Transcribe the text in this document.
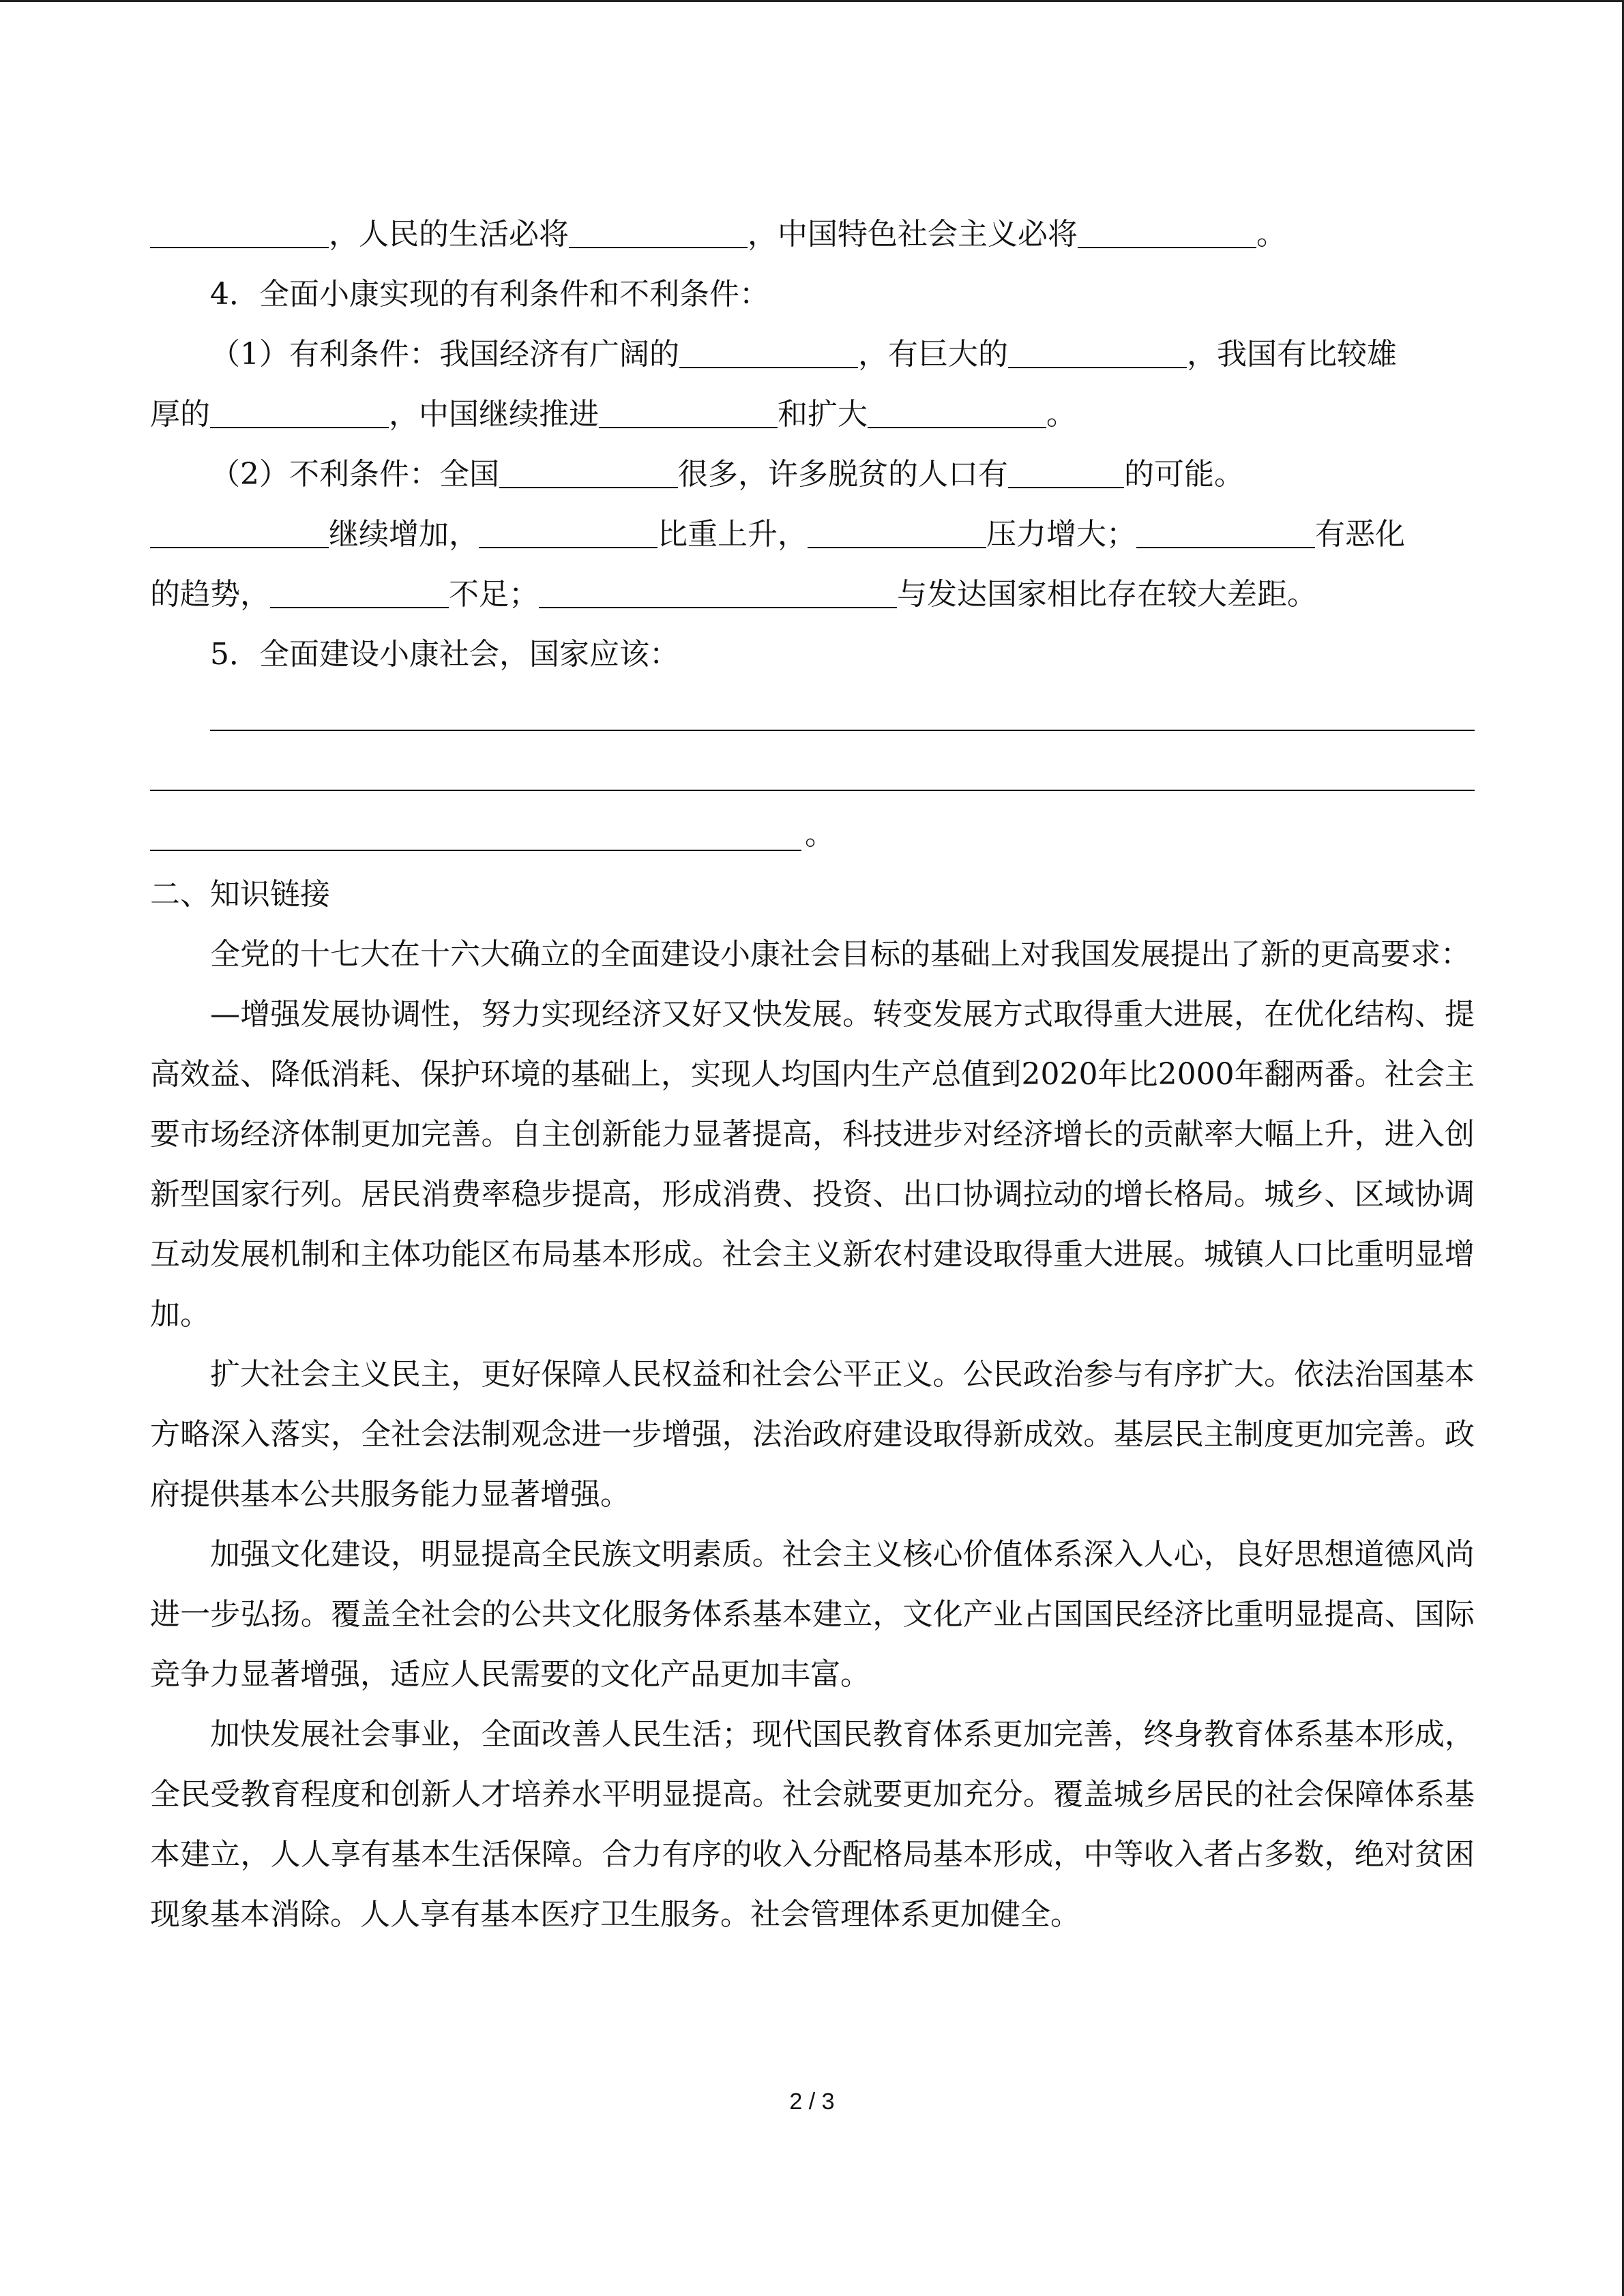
，人民的生活必将	，中国特色社会主义必将	。
4．全面小康实现的有利条件和不利条件：
（1）有利条件：我国经济有广阔的	，有巨大的	，我国有比较雄
厚的	，中国继续推进	和扩大	。
（2）不利条件：全国	很多，许多脱贫的人口有	的可能。
继续增加，	比重上升，	压力增大；	有恶化
的趋势，	不足；	与发达国家相比存在较大差距。
5．全面建设小康社会，国家应该：
。
二、知识链接
全党的十七大在十六大确立的全面建设小康社会目标的基础上对我国发展提出了新的更高要求：
—增强发展协调性，努力实现经济又好又快发展。转变发展方式取得重大进展，在优化结构、提高效益、降低消耗、保护环境的基础上，实现人均国内生产总值到2020年比2000年翻两番。社会主要市场经济体制更加完善。自主创新能力显著提高，科技进步对经济增长的贡献率大幅上升，进入创新型国家行列。居民消费率稳步提高，形成消费、投资、出口协调拉动的增长格局。城乡、区域协调互动发展机制和主体功能区布局基本形成。社会主义新农村建设取得重大进展。城镇人口比重明显增加。
扩大社会主义民主，更好保障人民权益和社会公平正义。公民政治参与有序扩大。依法治国基本方略深入落实，全社会法制观念进一步增强，法治政府建设取得新成效。基层民主制度更加完善。政府提供基本公共服务能力显著增强。
加强文化建设，明显提高全民族文明素质。社会主义核心价值体系深入人心，良好思想道德风尚进一步弘扬。覆盖全社会的公共文化服务体系基本建立，文化产业占国国民经济比重明显提高、国际竞争力显著增强，适应人民需要的文化产品更加丰富。
加快发展社会事业，全面改善人民生活；现代国民教育体系更加完善，终身教育体系基本形成，全民受教育程度和创新人才培养水平明显提高。社会就要更加充分。覆盖城乡居民的社会保障体系基本建立，人人享有基本生活保障。合力有序的收入分配格局基本形成，中等收入者占多数，绝对贫困现象基本消除。人人享有基本医疗卫生服务。社会管理体系更加健全。
2 / 3
